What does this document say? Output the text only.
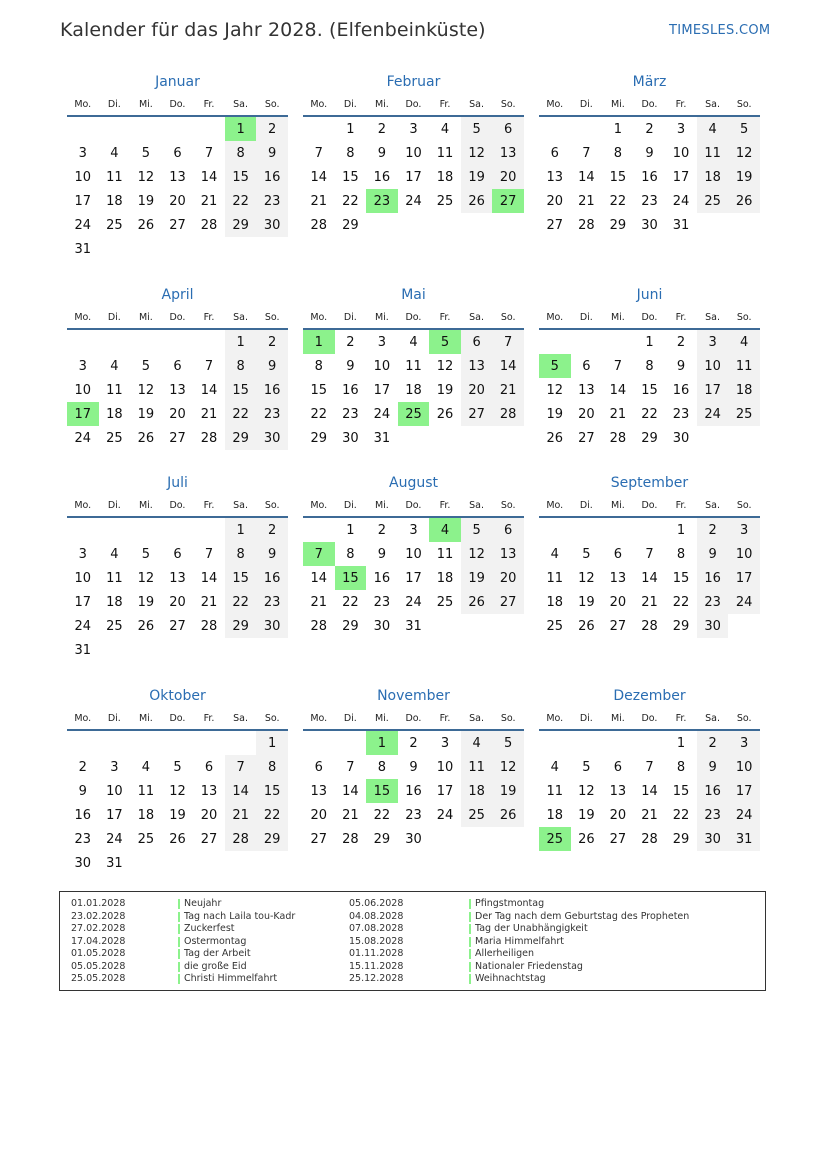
Kalender für das Jahr 2028. (Elfenbeinküste)	TIMESLES.COM
Januar
Mo.	Di.	Mi.	Do.	Fr.	Sa.	So.
					1	2
3	4	5	6	7	8	9
10	11	12	13	14	15	16
17	18	19	20	21	22	23
24	25	26	27	28	29	30
31						
Februar
Mo.	Di.	Mi.	Do.	Fr.	Sa.	So.
	1	2	3	4	5	6
7	8	9	10	11	12	13
14	15	16	17	18	19	20
21	22	23	24	25	26	27
28	29					
März
Mo.	Di.	Mi.	Do.	Fr.	Sa.	So.
		1	2	3	4	5
6	7	8	9	10	11	12
13	14	15	16	17	18	19
20	21	22	23	24	25	26
27	28	29	30	31		
April
Mo.	Di.	Mi.	Do.	Fr.	Sa.	So.
					1	2
3	4	5	6	7	8	9
10	11	12	13	14	15	16
17	18	19	20	21	22	23
24	25	26	27	28	29	30
Mai
Mo.	Di.	Mi.	Do.	Fr.	Sa.	So.
1	2	3	4	5	6	7
8	9	10	11	12	13	14
15	16	17	18	19	20	21
22	23	24	25	26	27	28
29	30	31				
Juni
Mo.	Di.	Mi.	Do.	Fr.	Sa.	So.
			1	2	3	4
5	6	7	8	9	10	11
12	13	14	15	16	17	18
19	20	21	22	23	24	25
26	27	28	29	30		
Juli
Mo.	Di.	Mi.	Do.	Fr.	Sa.	So.
					1	2
3	4	5	6	7	8	9
10	11	12	13	14	15	16
17	18	19	20	21	22	23
24	25	26	27	28	29	30
31						
August
Mo.	Di.	Mi.	Do.	Fr.	Sa.	So.
	1	2	3	4	5	6
7	8	9	10	11	12	13
14	15	16	17	18	19	20
21	22	23	24	25	26	27
28	29	30	31			
September
Mo.	Di.	Mi.	Do.	Fr.	Sa.	So.
				1	2	3
4	5	6	7	8	9	10
11	12	13	14	15	16	17
18	19	20	21	22	23	24
25	26	27	28	29	30	
Oktober
Mo.	Di.	Mi.	Do.	Fr.	Sa.	So.
						1
2	3	4	5	6	7	8
9	10	11	12	13	14	15
16	17	18	19	20	21	22
23	24	25	26	27	28	29
30	31					
November
Mo.	Di.	Mi.	Do.	Fr.	Sa.	So.
		1	2	3	4	5
6	7	8	9	10	11	12
13	14	15	16	17	18	19
20	21	22	23	24	25	26
27	28	29	30			
Dezember
Mo.	Di.	Mi.	Do.	Fr.	Sa.	So.
				1	2	3
4	5	6	7	8	9	10
11	12	13	14	15	16	17
18	19	20	21	22	23	24
25	26	27	28	29	30	31
01.01.2028	Neujahr
23.02.2028	Tag nach Laila tou-Kadr
27.02.2028	Zuckerfest
17.04.2028	Ostermontag
01.05.2028	Tag der Arbeit
05.05.2028	die große Eid
25.05.2028	Christi Himmelfahrt
05.06.2028	Pfingstmontag
04.08.2028	Der Tag nach dem Geburtstag des Propheten
07.08.2028	Tag der Unabhängigkeit
15.08.2028	Maria Himmelfahrt
01.11.2028	Allerheiligen
15.11.2028	Nationaler Friedenstag
25.12.2028	Weihnachtstag
